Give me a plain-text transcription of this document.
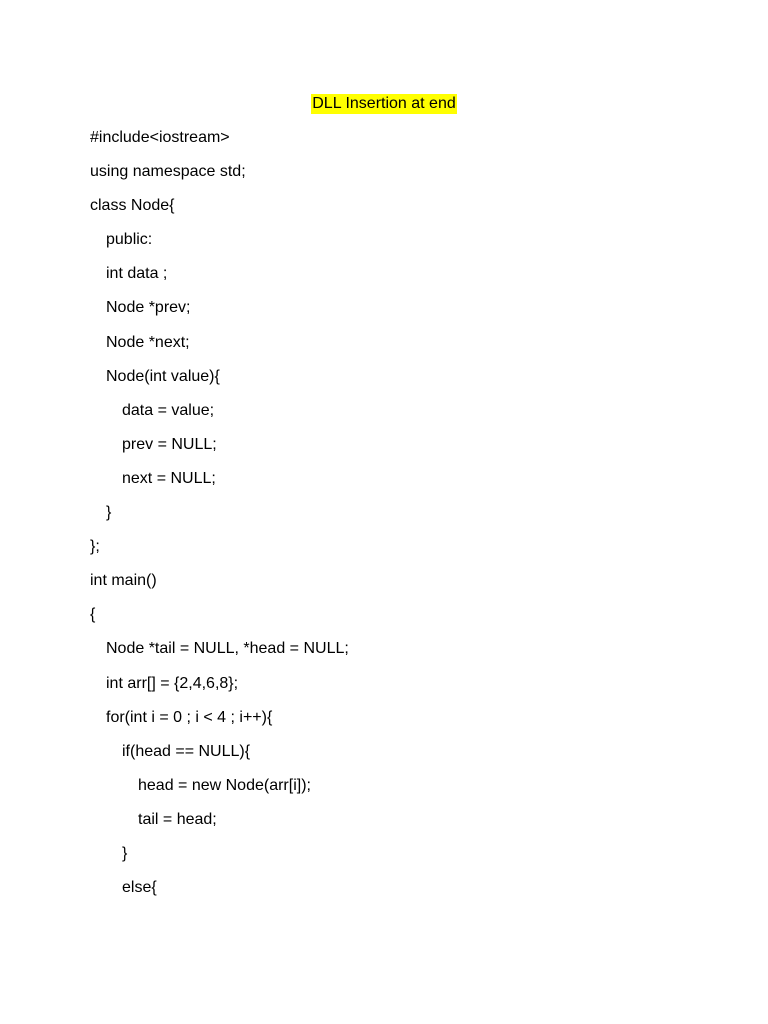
DLL Insertion at end
#include<iostream>
using namespace std;
class Node{
public:
int data ;
Node *prev;
Node *next;
Node(int value){
data = value;
prev = NULL;
next = NULL;
}
};
int main()
{
Node *tail = NULL, *head = NULL;
int arr[] = {2,4,6,8};
for(int i = 0 ; i < 4 ; i++){
if(head == NULL){
head = new Node(arr[i]);
tail = head;
}
else{
